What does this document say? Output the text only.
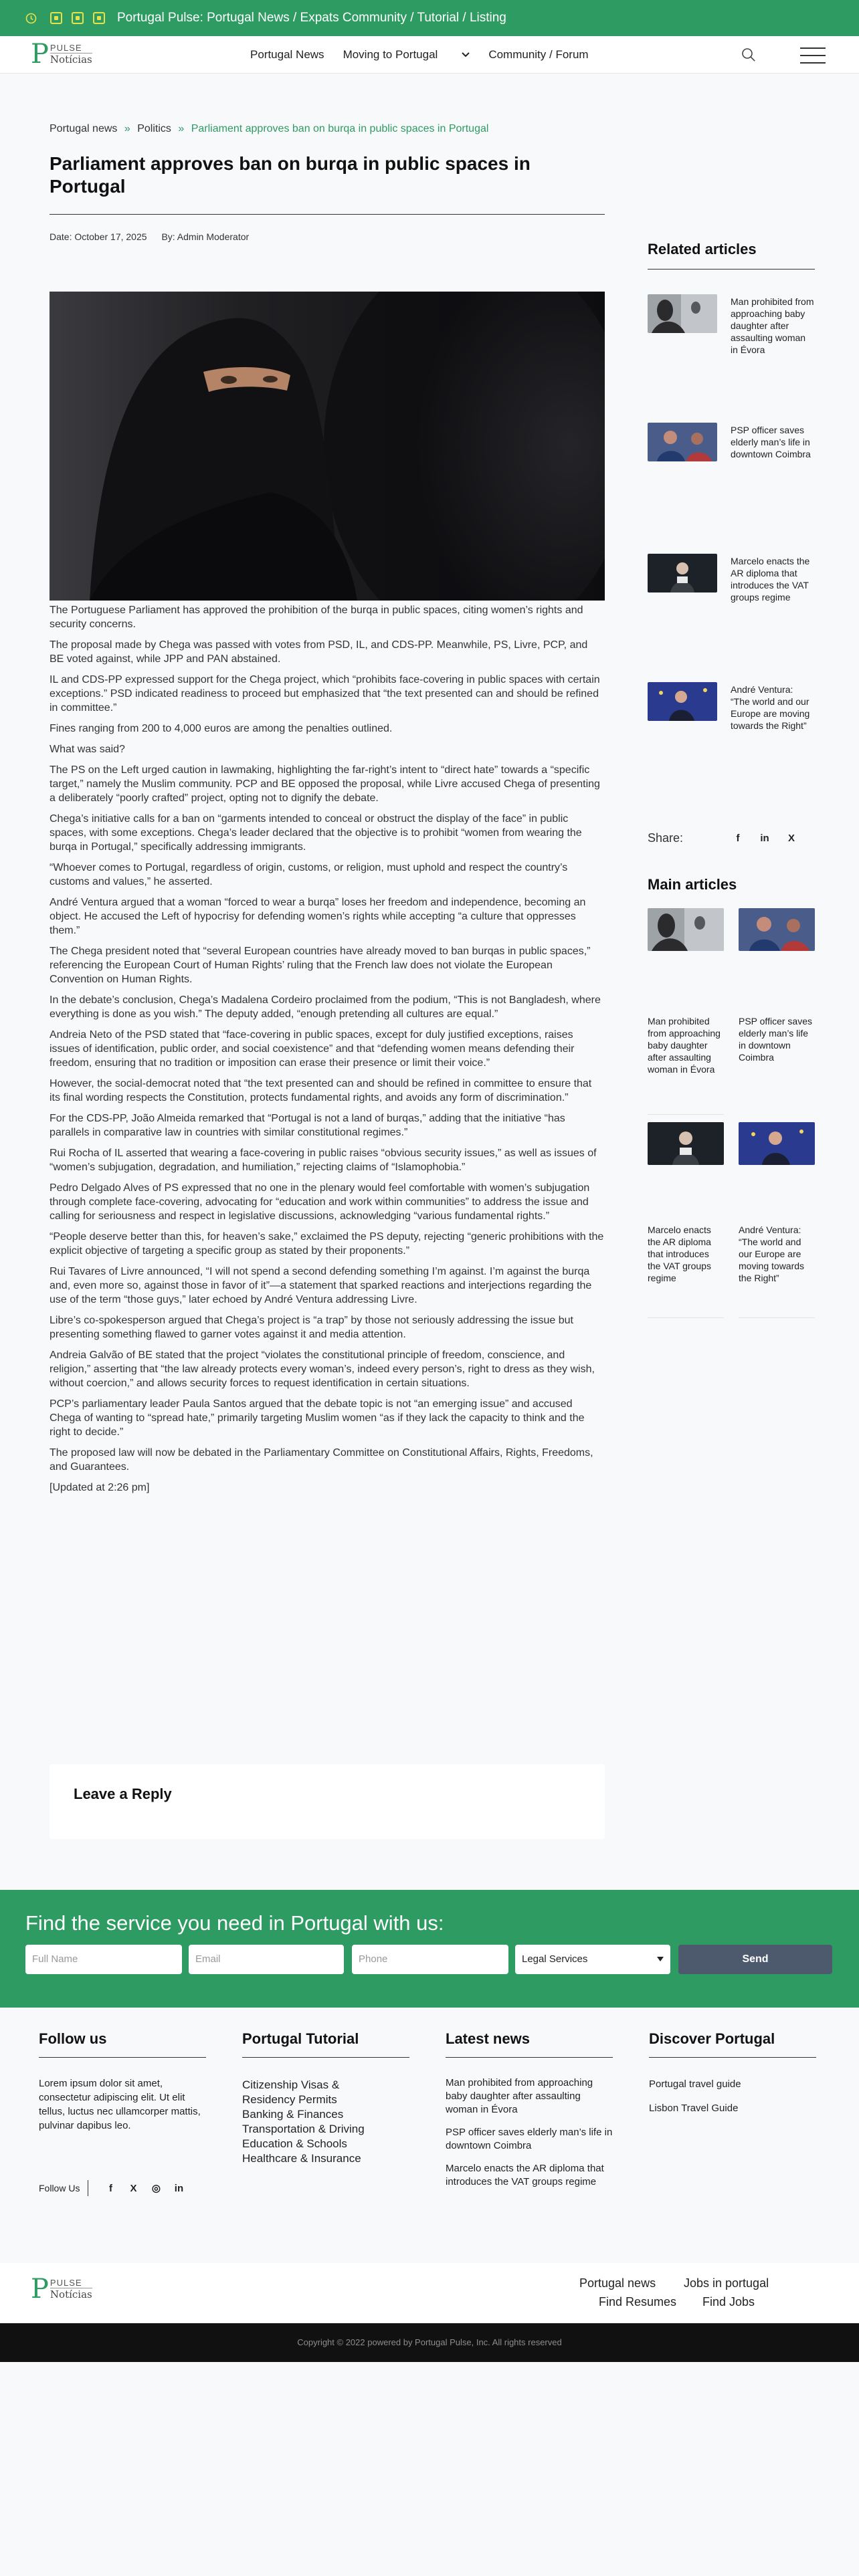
Portugal Pulse: Portugal News / Expats Community / Tutorial / Listing
P PULSE
Notícias	Portugal News Moving to Portugal	Community / Forum
Portugal news » Politics » Parliament approves ban on burqa in public spaces in Portugal
Parliament approves ban on burqa in public spaces in Portugal
Date: October 17, 2025 By: Admin Moderator

The Portuguese Parliament has approved the prohibition of the burqa in public spaces, citing women’s rights and security concerns.

The proposal made by Chega was passed with votes from PSD, IL, and CDS-PP. Meanwhile, PS, Livre, PCP, and BE voted against, while JPP and PAN abstained.

IL and CDS-PP expressed support for the Chega project, which “prohibits face-covering in public spaces with certain exceptions.” PSD indicated readiness to proceed but emphasized that “the text presented can and should be refined in committee.”

Fines ranging from 200 to 4,000 euros are among the penalties outlined.

What was said?

The PS on the Left urged caution in lawmaking, highlighting the far-right’s intent to “direct hate” towards a “specific target,” namely the Muslim community. PCP and BE opposed the proposal, while Livre accused Chega of presenting a deliberately “poorly crafted” project, opting not to dignify the debate.

Chega’s initiative calls for a ban on “garments intended to conceal or obstruct the display of the face” in public spaces, with some exceptions. Chega’s leader declared that the objective is to prohibit “women from wearing the burqa in Portugal,” specifically addressing immigrants.

“Whoever comes to Portugal, regardless of origin, customs, or religion, must uphold and respect the country’s customs and values,” he asserted.

André Ventura argued that a woman “forced to wear a burqa” loses her freedom and independence, becoming an object. He accused the Left of hypocrisy for defending women’s rights while accepting “a culture that oppresses them.”

The Chega president noted that “several European countries have already moved to ban burqas in public spaces,” referencing the European Court of Human Rights’ ruling that the French law does not violate the European Convention on Human Rights.

In the debate’s conclusion, Chega’s Madalena Cordeiro proclaimed from the podium, “This is not Bangladesh, where everything is done as you wish.” The deputy added, “enough pretending all cultures are equal.”

Andreia Neto of the PSD stated that “face-covering in public spaces, except for duly justified exceptions, raises issues of identification, public order, and social coexistence” and that “defending women means defending their freedom, ensuring that no tradition or imposition can erase their presence or limit their voice.”

However, the social-democrat noted that “the text presented can and should be refined in committee to ensure that its final wording respects the Constitution, protects fundamental rights, and avoids any form of discrimination.”

For the CDS-PP, João Almeida remarked that “Portugal is not a land of burqas,” adding that the initiative “has parallels in comparative law in countries with similar constitutional regimes.”

Rui Rocha of IL asserted that wearing a face-covering in public raises “obvious security issues,” as well as issues of “women’s subjugation, degradation, and humiliation,” rejecting claims of “Islamophobia.”

Pedro Delgado Alves of PS expressed that no one in the plenary would feel comfortable with women’s subjugation through complete face-covering, advocating for “education and work within communities” to address the issue and calling for seriousness and respect in legislative discussions, acknowledging “various fundamental rights.”

“People deserve better than this, for heaven’s sake,” exclaimed the PS deputy, rejecting “generic prohibitions with the explicit objective of targeting a specific group as stated by their proponents.”

Rui Tavares of Livre announced, “I will not spend a second defending something I’m against. I’m against the burqa and, even more so, against those in favor of it”—a statement that sparked reactions and interjections regarding the use of the term “those guys,” later echoed by André Ventura addressing Livre.

Libre’s co-spokesperson argued that Chega’s project is “a trap” by those not seriously addressing the issue but presenting something flawed to garner votes against it and media attention.

Andreia Galvão of BE stated that the project “violates the constitutional principle of freedom, conscience, and religion,” asserting that “the law already protects every woman’s, indeed every person’s, right to dress as they wish, without coercion,” and allows security forces to request identification in certain situations.

PCP’s parliamentary leader Paula Santos argued that the debate topic is not “an emerging issue” and accused Chega of wanting to “spread hate,” primarily targeting Muslim women “as if they lack the capacity to think and the right to decide.”

The proposed law will now be debated in the Parliamentary Committee on Constitutional Affairs, Rights, Freedoms, and Guarantees.

[Updated at 2:26 pm]

Leave a Reply
Related articles
Man prohibited from approaching baby daughter after assaulting woman in Évora
PSP officer saves elderly man’s life in downtown Coimbra
Marcelo enacts the AR diploma that introduces the VAT groups regime
André Ventura: “The world and our Europe are moving towards the Right”
Share:	f	in	X
Main articles
Man prohibited from approaching baby daughter after assaulting woman in Évora
PSP officer saves elderly man’s life in downtown Coimbra
Marcelo enacts the AR diploma that introduces the VAT groups regime
André Ventura: “The world and our Europe are moving towards the Right”
Find the service you need in Portugal with us:
Full Name	Email	Phone	Legal Services	Send
Follow us
Lorem ipsum dolor sit amet, consectetur adipiscing elit. Ut elit tellus, luctus nec ullamcorper mattis, pulvinar dapibus leo.
Follow Us	f	X	◎	in
Portugal Tutorial
Citizenship Visas & Residency Permits
Banking & Finances
Transportation & Driving
Education & Schools
Healthcare & Insurance
Latest news
Man prohibited from approaching baby daughter after assaulting woman in Évora
PSP officer saves elderly man’s life in downtown Coimbra
Marcelo enacts the AR diploma that introduces the VAT groups regime
Discover Portugal
Portugal travel guide
Lisbon Travel Guide
P PULSE
Notícias
Portugal news Jobs in portugal
Find Resumes Find Jobs
Copyright © 2022 powered by Portugal Pulse, Inc. All rights reserved
